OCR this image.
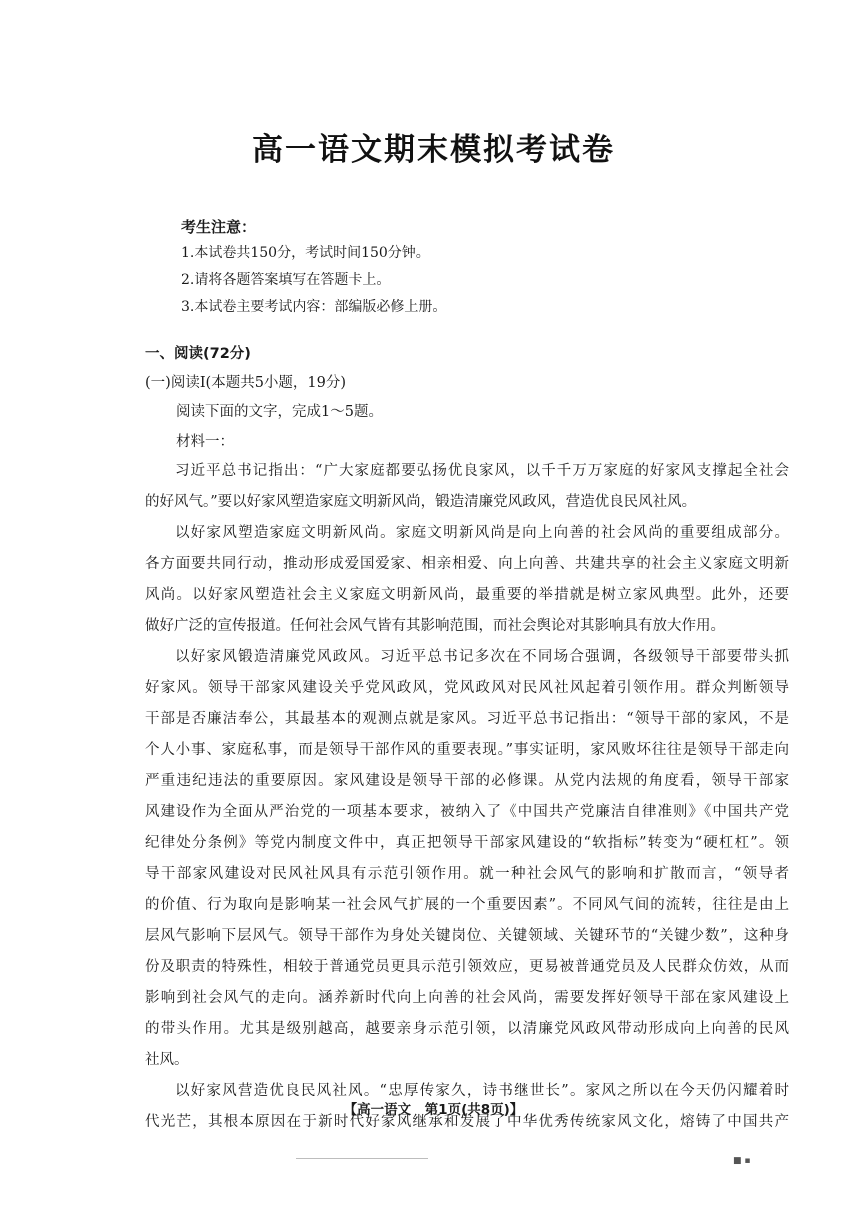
高一语文期末模拟考试卷
考生注意：
1.本试卷共150分，考试时间150分钟。
2.请将各题答案填写在答题卡上。
3.本试卷主要考试内容：部编版必修上册。
一、阅读(72分)
(一)阅读Ⅰ(本题共5小题，19分)
阅读下面的文字，完成1～5题。
材料一：
习近平总书记指出：“广大家庭都要弘扬优良家风，以千千万万家庭的好家风支撑起全社会
的好风气。”要以好家风塑造家庭文明新风尚，锻造清廉党风政风，营造优良民风社风。
以好家风塑造家庭文明新风尚。家庭文明新风尚是向上向善的社会风尚的重要组成部分。
各方面要共同行动，推动形成爱国爱家、相亲相爱、向上向善、共建共享的社会主义家庭文明新
风尚。以好家风塑造社会主义家庭文明新风尚，最重要的举措就是树立家风典型。此外，还要
做好广泛的宣传报道。任何社会风气皆有其影响范围，而社会舆论对其影响具有放大作用。
以好家风锻造清廉党风政风。习近平总书记多次在不同场合强调，各级领导干部要带头抓
好家风。领导干部家风建设关乎党风政风，党风政风对民风社风起着引领作用。群众判断领导
干部是否廉洁奉公，其最基本的观测点就是家风。习近平总书记指出：“领导干部的家风，不是
个人小事、家庭私事，而是领导干部作风的重要表现。”事实证明，家风败坏往往是领导干部走向
严重违纪违法的重要原因。家风建设是领导干部的必修课。从党内法规的角度看，领导干部家
风建设作为全面从严治党的一项基本要求，被纳入了《中国共产党廉洁自律准则》《中国共产党
纪律处分条例》等党内制度文件中，真正把领导干部家风建设的“软指标”转变为“硬杠杠”。领
导干部家风建设对民风社风具有示范引领作用。就一种社会风气的影响和扩散而言，“领导者
的价值、行为取向是影响某一社会风气扩展的一个重要因素”。不同风气间的流转，往往是由上
层风气影响下层风气。领导干部作为身处关键岗位、关键领域、关键环节的“关键少数”，这种身
份及职责的特殊性，相较于普通党员更具示范引领效应，更易被普通党员及人民群众仿效，从而
影响到社会风气的走向。涵养新时代向上向善的社会风尚，需要发挥好领导干部在家风建设上
的带头作用。尤其是级别越高，越要亲身示范引领，以清廉党风政风带动形成向上向善的民风
社风。
以好家风营造优良民风社风。“忠厚传家久，诗书继世长”。家风之所以在今天仍闪耀着时
代光芒，其根本原因在于新时代好家风继承和发展了中华优秀传统家风文化，熔铸了中国共产
【高一语文　第1页(共8页)】
■ ▪
